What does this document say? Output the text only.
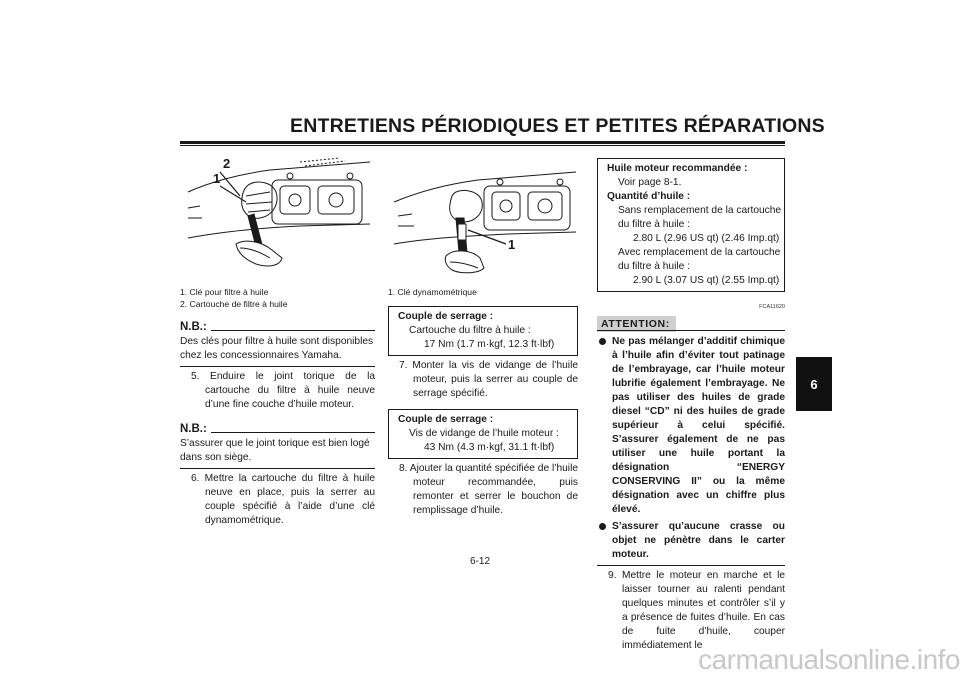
ENTRETIENS PÉRIODIQUES ET PETITES RÉPARATIONS
6
2
1
1. Clé pour filtre à huile
2. Cartouche de filtre à huile
N.B.:
Des clés pour filtre à huile sont disponibles chez les concessionnaires Yamaha.
5. Enduire le joint torique de la cartouche du filtre à huile neuve d’une fine couche d’huile moteur.
N.B.:
S’assurer que le joint torique est bien logé dans son siège.
6. Mettre la cartouche du filtre à huile neuve en place, puis la serrer au couple spécifié à l’aide d’une clé dynamométrique.
1
1. Clé dynamométrique
Couple de serrage :
Cartouche du filtre à huile :
17 Nm (1.7 m·kgf, 12.3 ft·lbf)
7. Monter la vis de vidange de l’huile moteur, puis la serrer au couple de serrage spécifié.
Couple de serrage :
Vis de vidange de l’huile moteur :
43 Nm (4.3 m·kgf, 31.1 ft·lbf)
8. Ajouter la quantité spécifiée de l’huile moteur recommandée, puis remonter et serrer le bouchon de remplissage d’huile.
Huile moteur recommandée :
Voir page 8-1.
Quantité d’huile :
Sans remplacement de la cartouche
du filtre à huile :
2.80 L (2.96 US qt) (2.46 Imp.qt)
Avec remplacement de la cartouche
du filtre à huile :
2.90 L (3.07 US qt) (2.55 Imp.qt)
FCA11620
ATTENTION:
Ne pas mélanger d’additif chimique à l’huile afin d’éviter tout patinage de l’embrayage, car l’huile moteur lubrifie également l’embrayage. Ne pas utiliser des huiles de grade diesel “CD” ni des huiles de grade supérieur à celui spécifié. S’assurer également de ne pas utiliser une huile portant la désignation “ENERGY CONSERVING II” ou la même désignation avec un chiffre plus élevé.
S’assurer qu’aucune crasse ou objet ne pénètre dans le carter moteur.
9. Mettre le moteur en marche et le laisser tourner au ralenti pendant quelques minutes et contrôler s’il y a présence de fuites d’huile. En cas de fuite d’huile, couper immédiatement le
6-12
carmanualsonline.info
